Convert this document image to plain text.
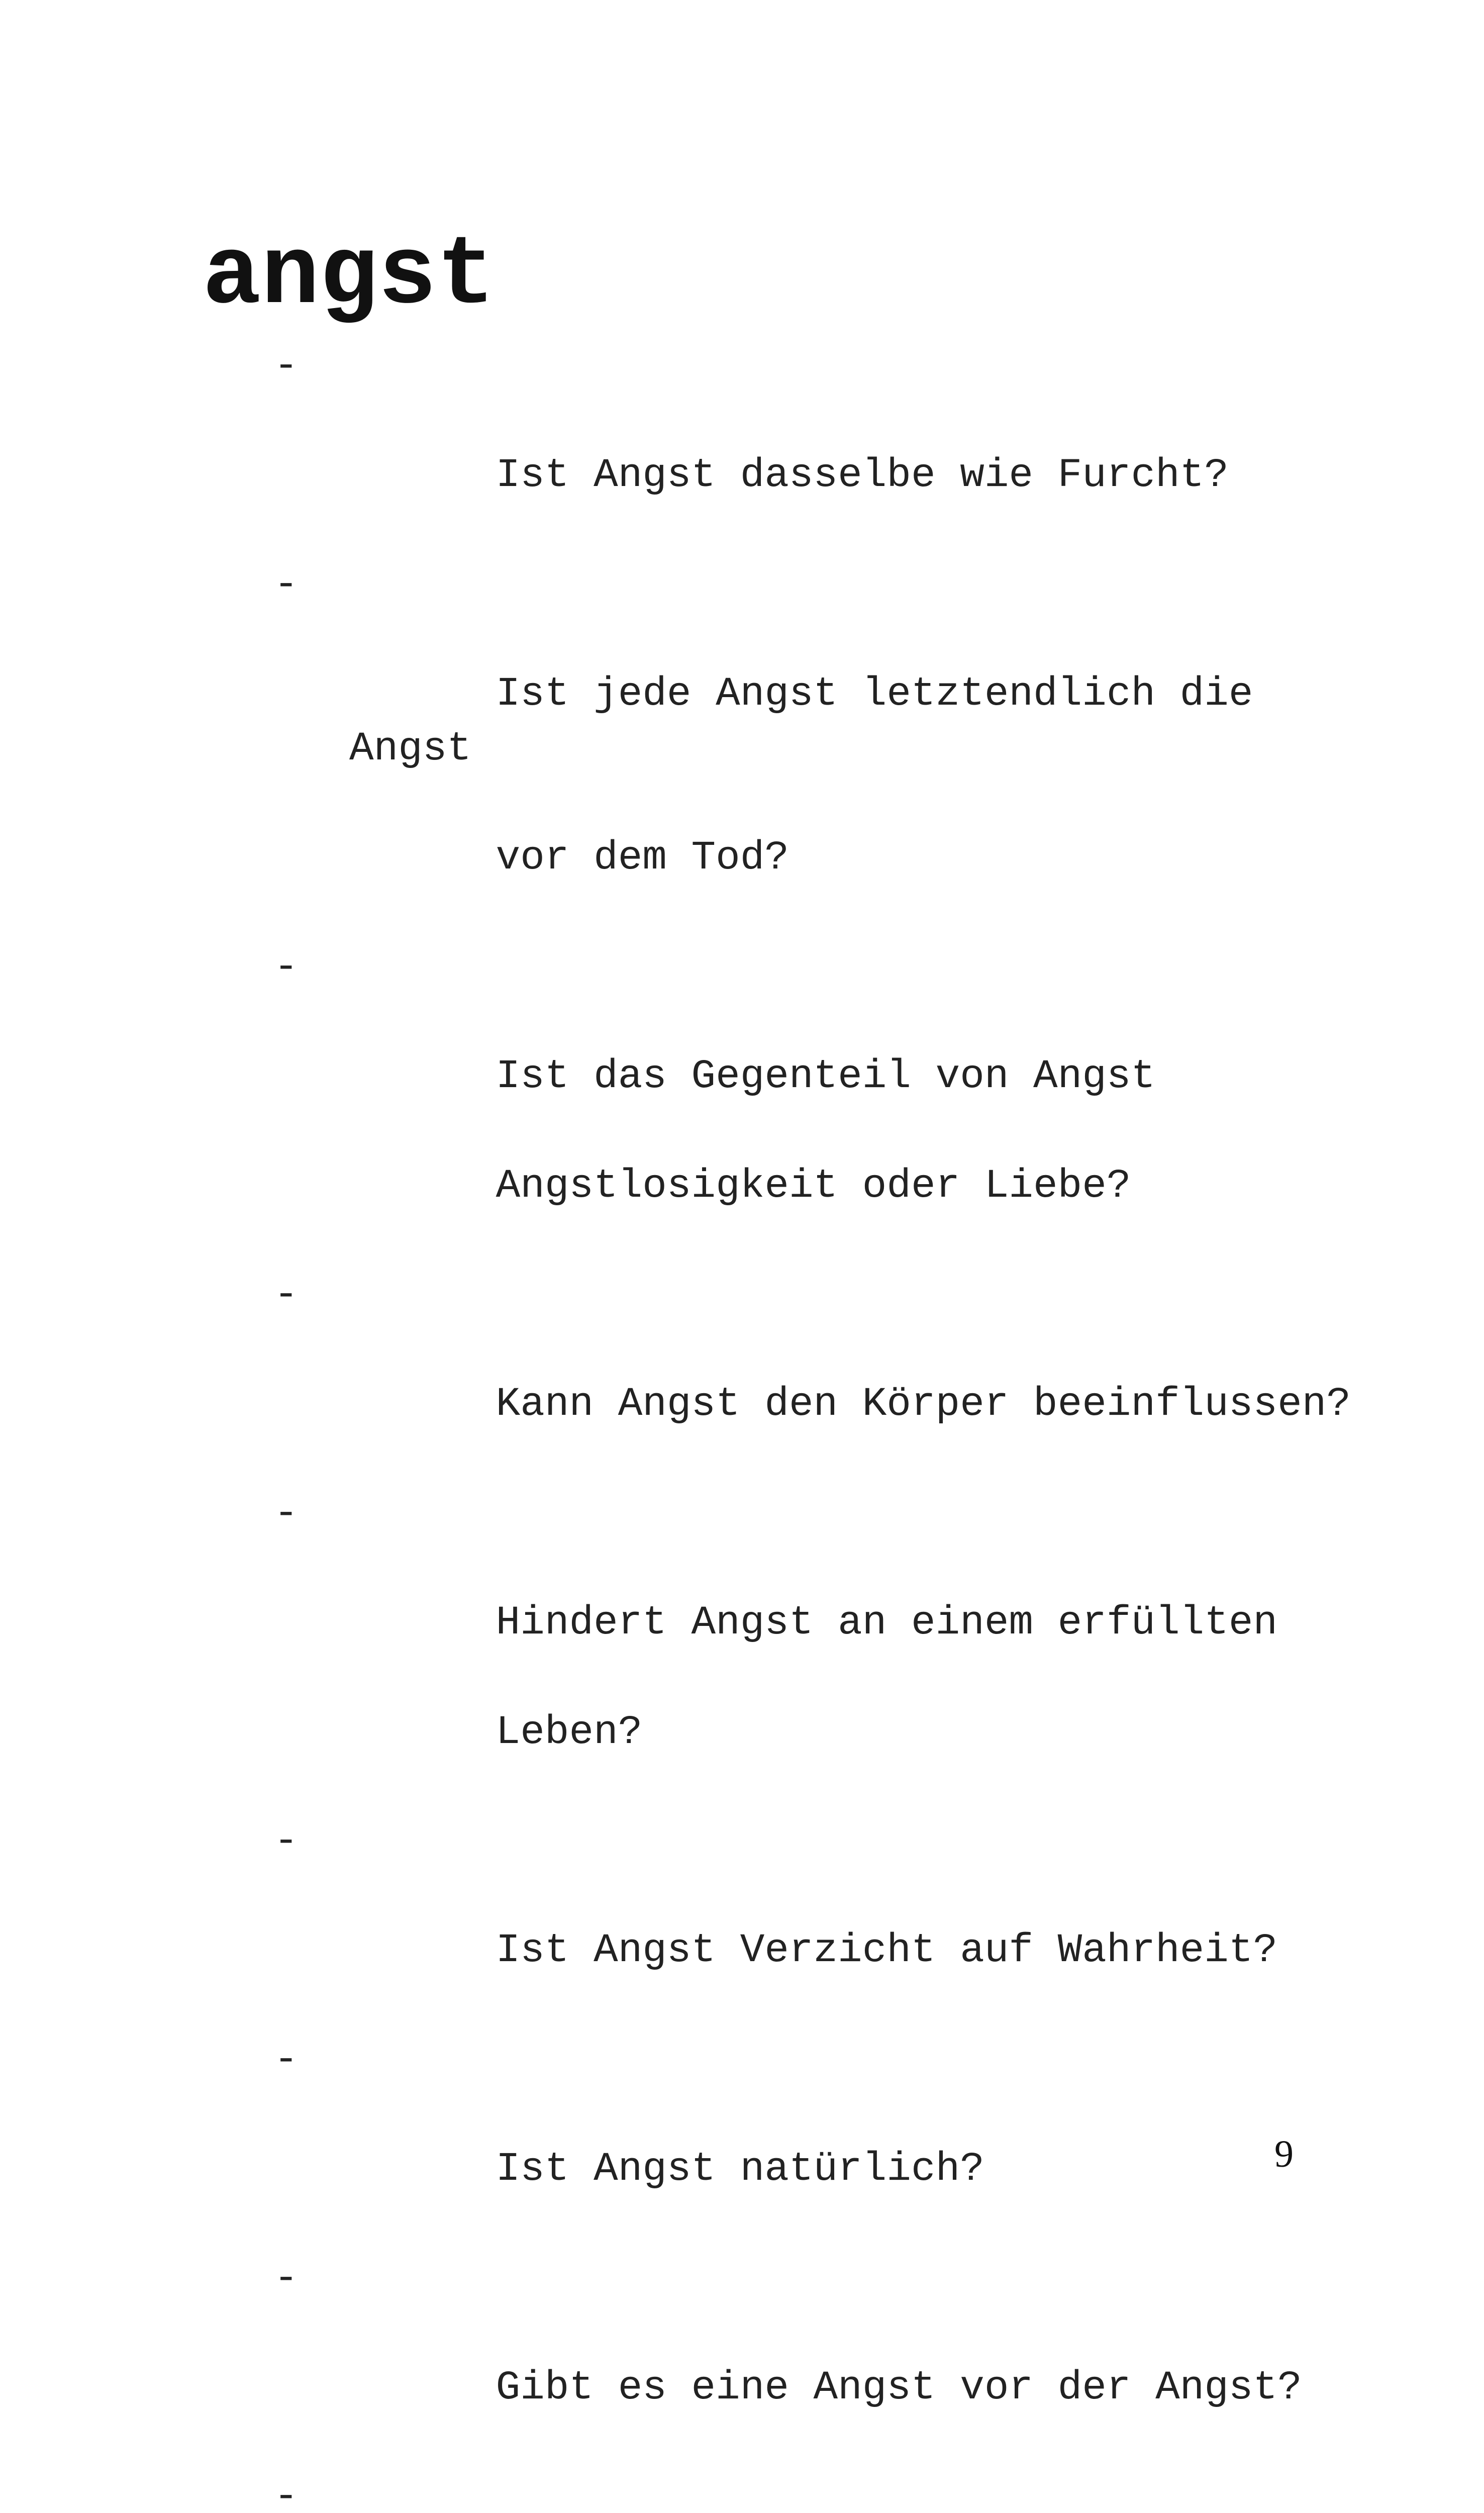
angst

-

Ist Angst dasselbe wie Furcht?

-

Ist jede Angst letztendlich die Angst

vor dem Tod?

-

Ist das Gegenteil von Angst

Angstlosigkeit oder Liebe?

-

Kann Angst den Körper beeinflussen?

-

Hindert Angst an einem erfüllten

Leben?

-

Ist Angst Verzicht auf Wahrheit?

-

Ist Angst natürlich?

-

Gibt es eine Angst vor der Angst?

-

9
